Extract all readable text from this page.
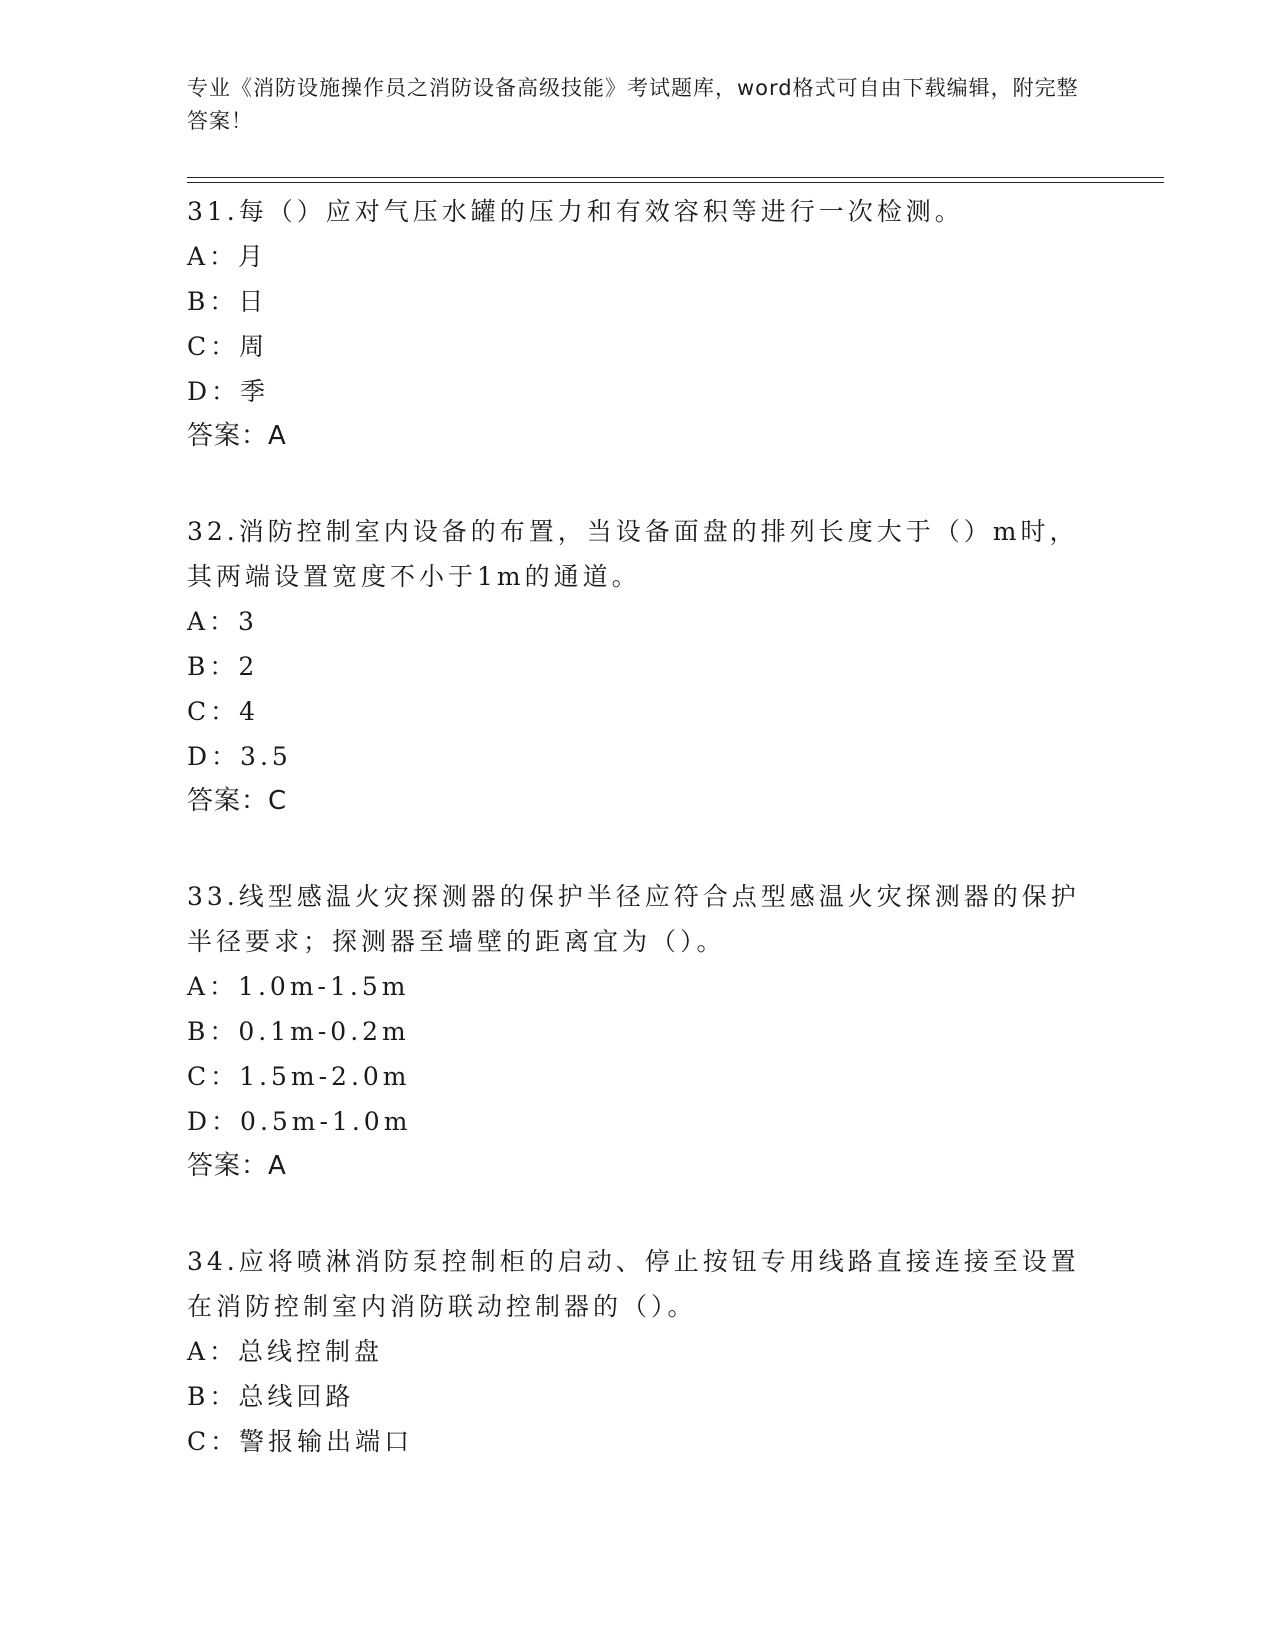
专业《消防设施操作员之消防设备高级技能》考试题库，word格式可自由下载编辑，附完整答案！

31.每（）应对气压水罐的压力和有效容积等进行一次检测。

A：月

B：日

C：周

D：季

答案：A

32.消防控制室内设备的布置，当设备面盘的排列长度大于（）m时，其两端设置宽度不小于1m的通道。

A：3

B：2

C：4

D：3.5

答案：C

33.线型感温火灾探测器的保护半径应符合点型感温火灾探测器的保护半径要求；探测器至墙壁的距离宜为（）。

A：1.0m-1.5m

B：0.1m-0.2m

C：1.5m-2.0m

D：0.5m-1.0m

答案：A

34.应将喷淋消防泵控制柜的启动、停止按钮专用线路直接连接至设置在消防控制室内消防联动控制器的（）。

A：总线控制盘

B：总线回路

C：警报输出端口
